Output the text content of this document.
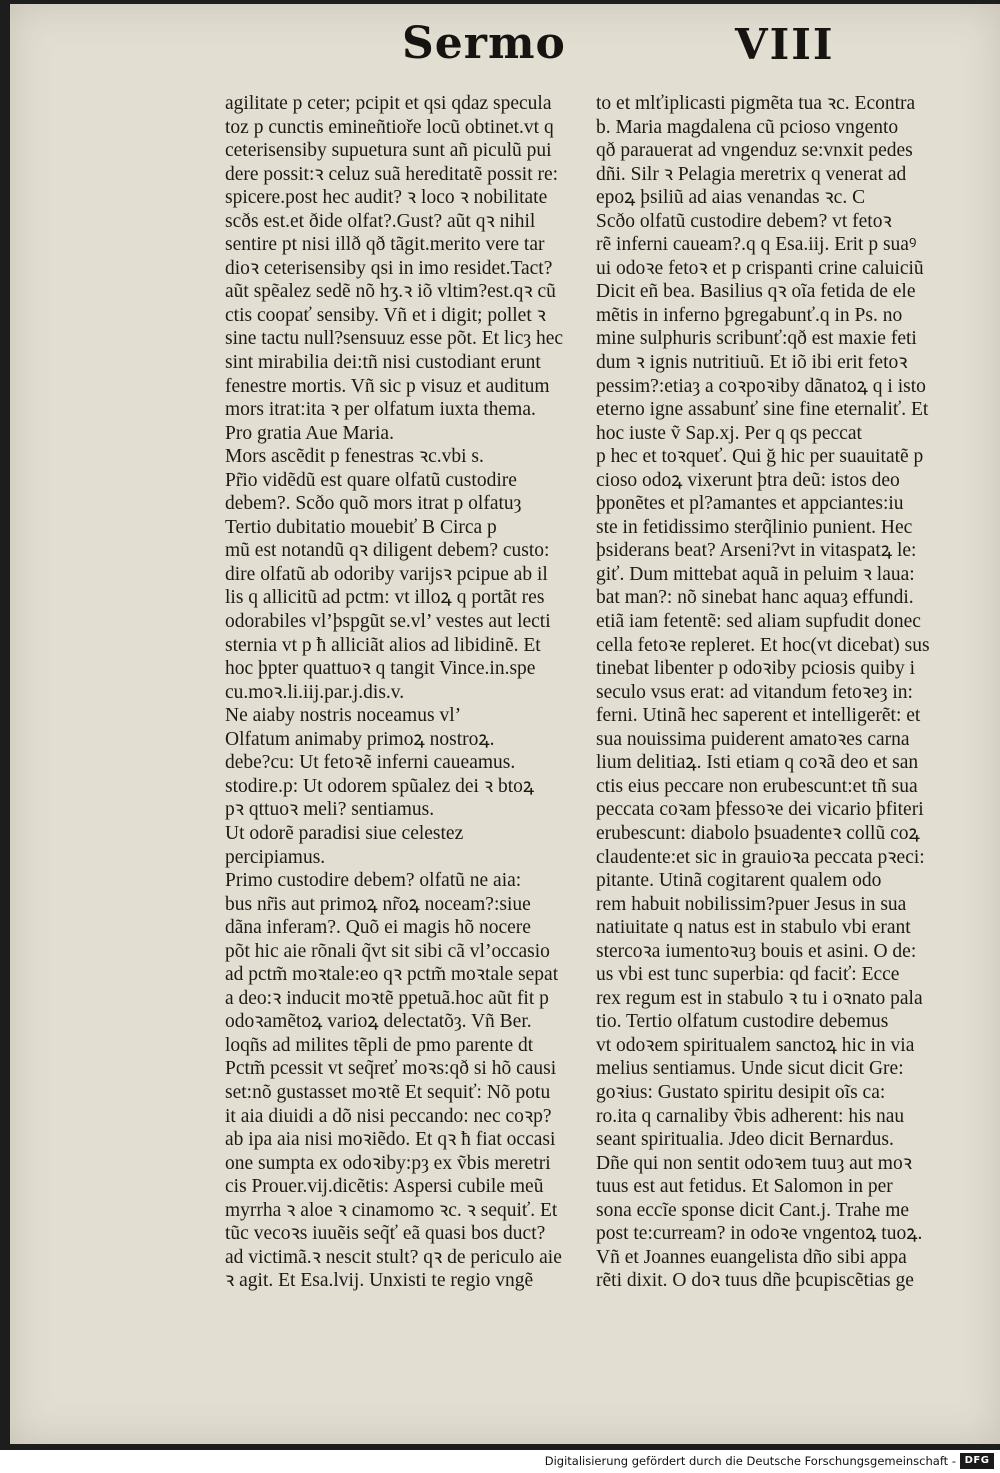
Sermo	VIII
agilitate p ceter; pcipit et qsi qdaz specula
toz p cunctis emineñtioře locũ obtinet.vt q
ceterisensiby supuetura sunt añ piculũ pui
dere possit:ꝛ celuz suã hereditatẽ possit re:
spicere.post hec audit? ꝛ loco ꝛ nobilitate
scðs est.et ðide olfat?.Gust? aũt qꝛ nihil
sentire pt nisi illð qð tãgit.merito vere tar
dioꝛ ceterisensiby qsi in imo residet.Tact?
aũt spẽalez sedẽ nõ hʒ.ꝛ iõ vltim?est.qꝛ cũ
ctis coopať sensiby. Vñ et i digit; pollet ꝛ
sine tactu null?sensuuz esse põt. Et licȝ hec
sint mirabilia dei:tñ nisi custodiant erunt
fenestre mortis. Vñ sic p visuz et auditum
mors itrat:ita ꝛ per olfatum iuxta thema.
Pro gratia Aue Maria.
Mors ascẽdit p fenestras ꝛc.vbi s.
Pr̃io vidẽdũ est quare olfatũ custodire
debem?. Scðo quõ mors itrat p olfatuȝ
Tertio dubitatio mouebiť B Circa p
mũ est notandũ qꝛ diligent debem? custo:
dire olfatũ ab odoriby varijsꝛ pcipue ab il
lis q allicitũ ad pctm: vt illoꝝ q portãt res
odorabiles vl’ϸspgũt se.vl’ vestes aut lecti
sternia vt p ħ alliciãt alios ad libidinẽ. Et
hoc ϸpter quattuoꝛ q tangit Vince.in.spe
cu.moꝛ.li.iij.par.j.dis.v.
Ne aiaby nostris noceamus vl’
Olfatum animaby primoꝝ nostroꝝ.
debe?cu: Ut fetoꝛẽ inferni caueamus.
stodire.p: Ut odorem spũalez dei ꝛ btoꝝ
pꝛ qttuoꝛ meli? sentiamus.
Ut odorẽ paradisi siue celestez
percipiamus.
Primo custodire debem? olfatũ ne aia:
bus nr̃is aut primoꝝ nr̃oꝝ noceam?:siue
dãna inferam?. Quõ ei magis hõ nocere
põt hic aie rõnali q̃vt sit sibi cã vl’occasio
ad pctm̃ moꝛtale:eo qꝛ pctm̃ moꝛtale sepat
a deo:ꝛ inducit moꝛtẽ ppetuã.hoc aũt fit p
odoꝛamẽtoꝝ varioꝝ delectatõȝ. Vñ Ber.
loqñs ad milites tẽpli de pmo parente dt
Pctm̃ pcessit vt seq̃reť moꝛs:qð si hõ causi
set:nõ gustasset moꝛtẽ Et sequiť: Nõ potu
it aia diuidi a dõ nisi peccando: nec coꝛp?
ab ipa aia nisi moꝛiẽdo. Et qꝛ ħ fiat occasi
one sumpta ex odoꝛiby:pȝ ex ṽbis meretri
cis Prouer.vij.dicẽtis: Aspersi cubile meũ
myrrha ꝛ aloe ꝛ cinamomo ꝛc. ꝛ sequiť. Et
tũc vecoꝛs iuuẽis seq̃ť eã quasi bos duct?
ad victimã.ꝛ nescit stult? qꝛ de periculo aie
ꝛ agit. Et Esa.lvij. Unxisti te regio vngẽ
to et mlťiplicasti pigmẽta tua ꝛc. Econtra
b. Maria magdalena cũ pcioso vngento
qð parauerat ad vngenduz se:vnxit pedes
dñi. Silr ꝛ Pelagia meretrix q venerat ad
epoꝝ ϸsiliũ ad aias venandas ꝛc. C
Scðo olfatũ custodire debem? vt fetoꝛ
rẽ inferni caueam?.q q Esa.iij. Erit p suaꝰ
ui odoꝛe fetoꝛ et p crispanti crine caluiciũ
Dicit eñ bea. Basilius qꝛ oĩa fetida de ele
mẽtis in inferno ϸgregabunť.q in Ps. no
mine sulphuris scribunť:qð est maxie feti
dum ꝛ ignis nutritiuũ. Et iõ ibi erit fetoꝛ
pessim?:etiaȝ a coꝛpoꝛiby dãnatoꝝ q i isto
eterno igne assabunť sine fine eternaliť. Et
hoc iuste ṽ Sap.xj. Per q qs peccat
p hec et toꝛqueť. Qui ğ hic per suauitatẽ p
cioso odoꝝ vixerunt ϸtra deũ: istos deo
ϸponẽtes et pl?amantes et appciantes:iu
ste in fetidissimo sterq̃linio punient. Hec
ϸsiderans beat? Arseni?vt in vitaspatꝝ le:
giť. Dum mittebat aquã in peluim ꝛ laua:
bat man?: nõ sinebat hanc aquaȝ effundi.
etiã iam fetentẽ: sed aliam supfudit donec
cella fetoꝛe repleret. Et hoc(vt dicebat) sus
tinebat libenter p odoꝛiby pciosis quiby i
seculo vsus erat: ad vitandum fetoꝛeȝ in:
ferni. Utinã hec saperent et intelligerẽt: et
sua nouissima puiderent amatoꝛes carna
lium delitiaꝝ. Isti etiam q coꝛã deo et san
ctis eius peccare non erubescunt:et tñ sua
peccata coꝛam ϸfessoꝛe dei vicario ϸfiteri
erubescunt: diabolo ϸsuadenteꝛ collũ coꝝ
claudente:et sic in grauioꝛa peccata pꝛeci:
pitante. Utinã cogitarent qualem odo
rem habuit nobilissim?puer Jesus in sua
natiuitate q natus est in stabulo vbi erant
stercoꝛa iumentoꝛuȝ bouis et asini. O de:
us vbi est tunc superbia: qd faciť: Ecce
rex regum est in stabulo ꝛ tu i oꝛnato pala
tio. Tertio olfatum custodire debemus
vt odoꝛem spiritualem sanctoꝝ hic in via
melius sentiamus. Unde sicut dicit Gre:
goꝛius: Gustato spiritu desipit oĩs ca:
ro.ita q carnaliby ṽbis adherent: his nau
seant spiritualia. Jdeo dicit Bernardus.
Dñe qui non sentit odoꝛem tuuȝ aut moꝛ
tuus est aut fetidus. Et Salomon in per
sona eccĩe sponse dicit Cant.j. Trahe me
post te:curream? in odoꝛe vngentoꝝ tuoꝝ.
Vñ et Joannes euangelista dño sibi appa
rẽti dixit. O doꝛ tuus dñe ϸcupiscẽtias ge
Digitalisierung gefördert durch die Deutsche Forschungsgemeinschaft - DFG
